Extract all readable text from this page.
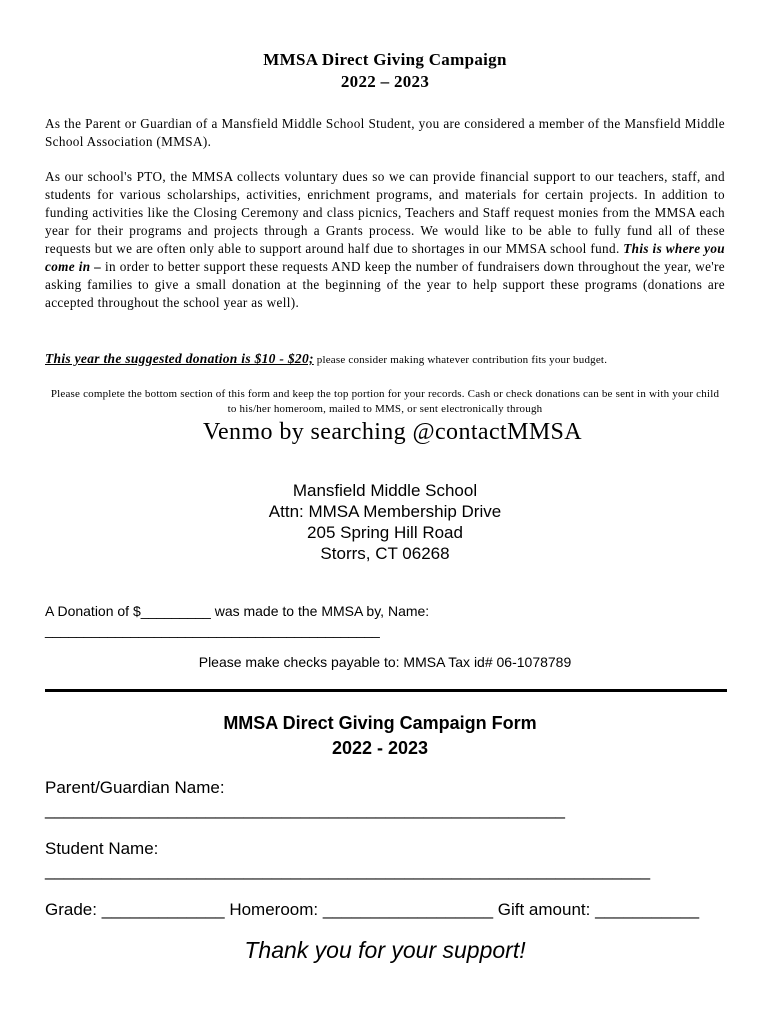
MMSA Direct Giving Campaign
2022 – 2023
As the Parent or Guardian of a Mansfield Middle School Student, you are considered a member of the Mansfield Middle School Association (MMSA).
As our school's PTO, the MMSA collects voluntary dues so we can provide financial support to our teachers, staff, and students for various scholarships, activities, enrichment programs, and materials for certain projects. In addition to funding activities like the Closing Ceremony and class picnics, Teachers and Staff request monies from the MMSA each year for their programs and projects through a Grants process. We would like to be able to fully fund all of these requests but we are often only able to support around half due to shortages in our MMSA school fund. This is where you come in – in order to better support these requests AND keep the number of fundraisers down throughout the year, we're asking families to give a small donation at the beginning of the year to help support these programs (donations are accepted throughout the school year as well).
This year the suggested donation is $10 - $20; please consider making whatever contribution fits your budget.
Please complete the bottom section of this form and keep the top portion for your records. Cash or check donations can be sent in with your child to his/her homeroom, mailed to MMS, or sent electronically through
Venmo by searching @contactMMSA
Mansfield Middle School
Attn: MMSA Membership Drive
205 Spring Hill Road
Storrs, CT 06268
A Donation of $_________ was made to the MMSA by, Name:
___________________________________________
Please make checks payable to: MMSA Tax id# 06-1078789
MMSA Direct Giving Campaign Form
2022 - 2023
Parent/Guardian Name:
_______________________________________________________
Student Name:
________________________________________________________________
Grade: _____________ Homeroom: __________________ Gift amount: ___________
Thank you for your support!
